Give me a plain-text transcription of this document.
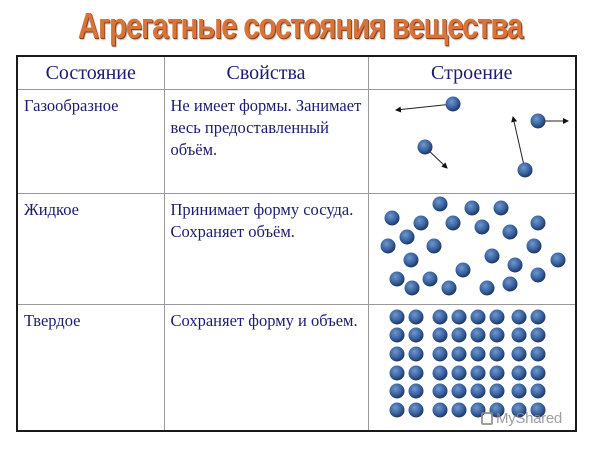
Агрегатные состояния вещества
Состояние	Свойства	Строение
Газообразное	Не имеет формы. Занимает весь предоставленный объём.	
Жидкое	Принимает форму сосуда. Сохраняет объём.	
Твердое	Сохраняет форму и объем.	
MyShared
